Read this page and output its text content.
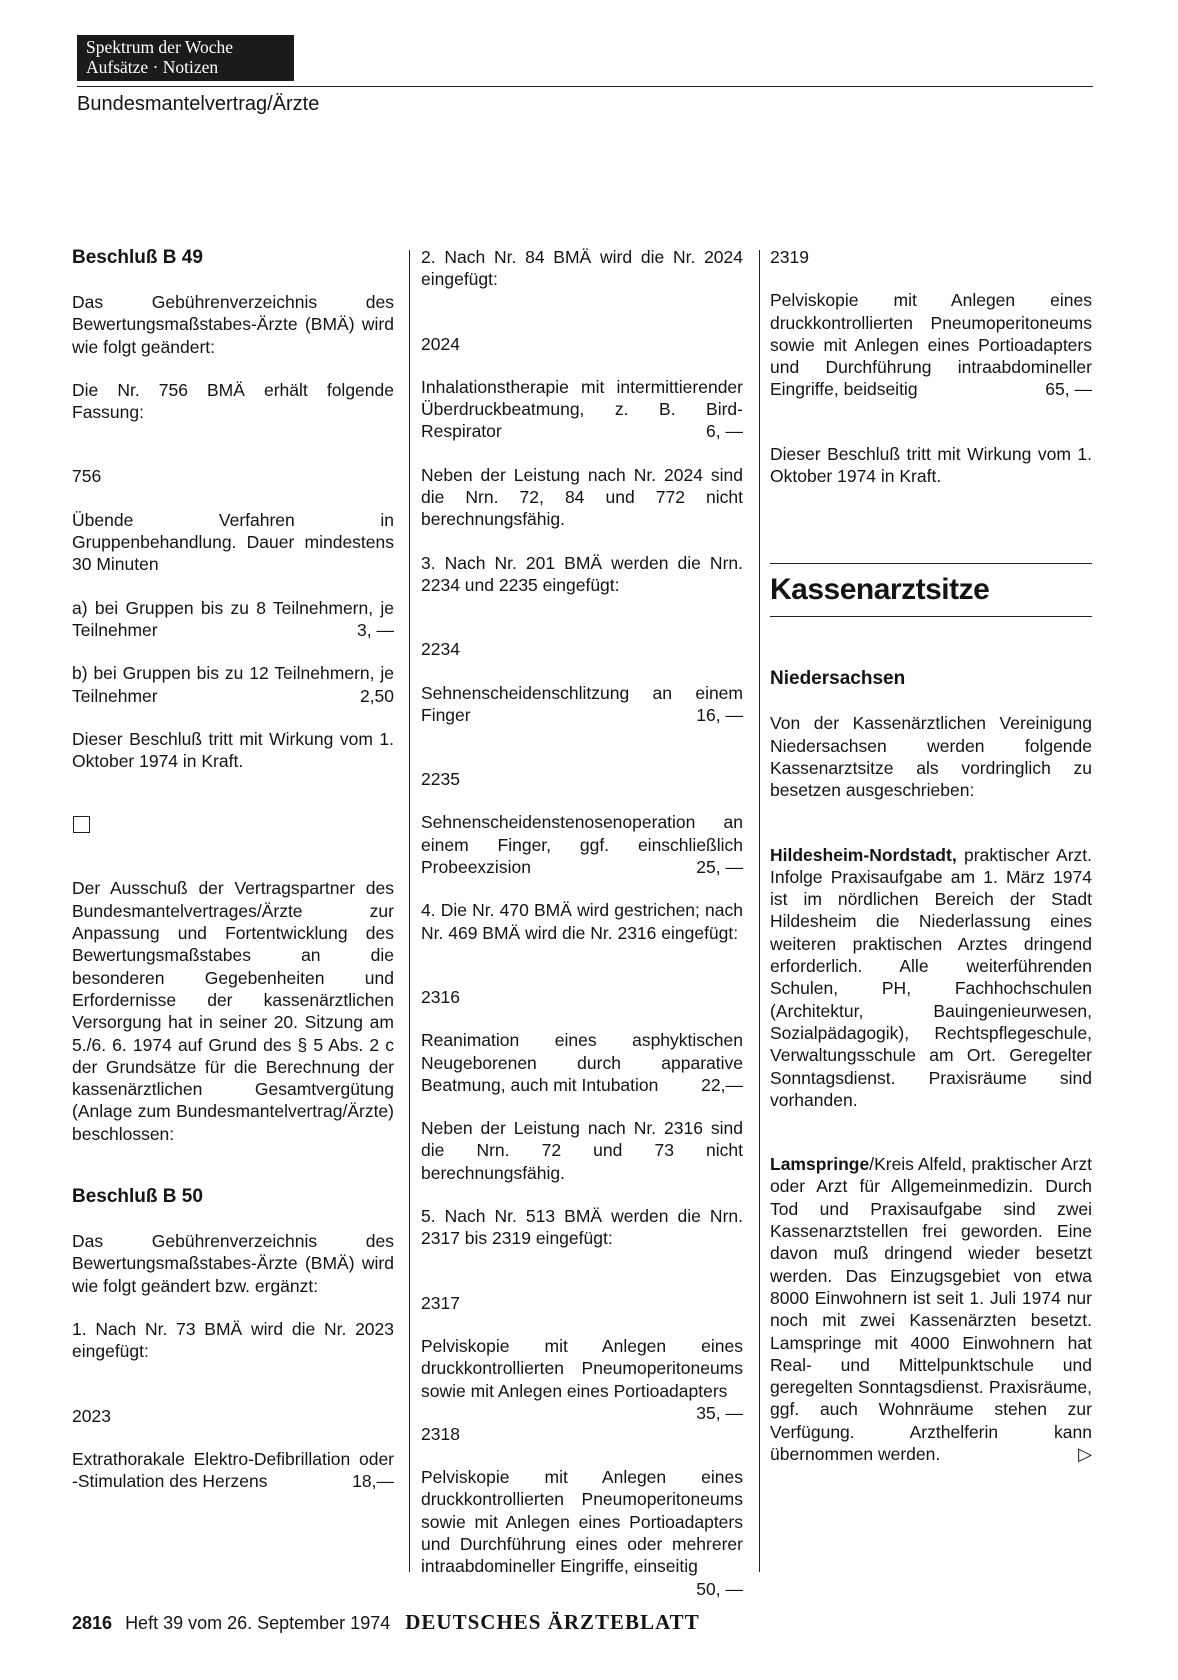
Spektrum der Woche
Aufsätze · Notizen
Bundesmantelvertrag/Ärzte

Beschluß B 49

Das Gebührenverzeichnis des Bewertungsmaßstabes-Ärzte (BMÄ) wird wie folgt geändert:

Die Nr. 756 BMÄ erhält folgende Fassung:

756

Übende Verfahren in Gruppenbehandlung. Dauer mindestens 30 Minuten

a) bei Gruppen bis zu 8 Teilnehmern, je Teilnehmer	3, —

b) bei Gruppen bis zu 12 Teilnehmern, je Teilnehmer	2,50

Dieser Beschluß tritt mit Wirkung vom 1. Oktober 1974 in Kraft.

Der Ausschuß der Vertragspartner des Bundesmantelvertrages/Ärzte zur Anpassung und Fortentwicklung des Bewertungsmaßstabes an die besonderen Gegebenheiten und Erfordernisse der kassenärztlichen Versorgung hat in seiner 20. Sitzung am 5./6. 6. 1974 auf Grund des § 5 Abs. 2 c der Grundsätze für die Berechnung der kassenärztlichen Gesamtvergütung (Anlage zum Bundesmantelvertrag/Ärzte) beschlossen:

Beschluß B 50

Das Gebührenverzeichnis des Bewertungsmaßstabes-Ärzte (BMÄ) wird wie folgt geändert bzw. ergänzt:

1. Nach Nr. 73 BMÄ wird die Nr. 2023 eingefügt:

2023

Extrathorakale Elektro-Defibrillation oder -Stimulation des Herzens	18,—

2. Nach Nr. 84 BMÄ wird die Nr. 2024 eingefügt:

2024

Inhalationstherapie mit intermittierender Überdruckbeatmung, z. B. Bird-Respirator	6, —

Neben der Leistung nach Nr. 2024 sind die Nrn. 72, 84 und 772 nicht berechnungsfähig.

3. Nach Nr. 201 BMÄ werden die Nrn. 2234 und 2235 eingefügt:

2234

Sehnenscheidenschlitzung an einem Finger	16, —

2235

Sehnenscheidenstenosenoperation an einem Finger, ggf. einschließlich Probeexzision	25, —

4. Die Nr. 470 BMÄ wird gestrichen; nach Nr. 469 BMÄ wird die Nr. 2316 eingefügt:

2316

Reanimation eines asphyktischen Neugeborenen durch apparative Beatmung, auch mit Intubation 22,—

Neben der Leistung nach Nr. 2316 sind die Nrn. 72 und 73 nicht berechnungsfähig.

5. Nach Nr. 513 BMÄ werden die Nrn. 2317 bis 2319 eingefügt:

2317

Pelviskopie mit Anlegen eines druckkontrollierten Pneumoperitoneums sowie mit Anlegen eines Portioadapters
35, —

2318

Pelviskopie mit Anlegen eines druckkontrollierten Pneumoperitoneums sowie mit Anlegen eines Portioadapters und Durchführung eines oder mehrerer intraabdomineller Eingriffe, einseitig
50, —

2319

Pelviskopie mit Anlegen eines druckkontrollierten Pneumoperitoneums sowie mit Anlegen eines Portioadapters und Durchführung intraabdomineller Eingriffe, beidseitig	65, —

Dieser Beschluß tritt mit Wirkung vom 1. Oktober 1974 in Kraft.

Kassenarztsitze

Niedersachsen

Von der Kassenärztlichen Vereinigung Niedersachsen werden folgende Kassenarztsitze als vordringlich zu besetzen ausgeschrieben:

Hildesheim-Nordstadt, praktischer Arzt. Infolge Praxisaufgabe am 1. März 1974 ist im nördlichen Bereich der Stadt Hildesheim die Niederlassung eines weiteren praktischen Arztes dringend erforderlich. Alle weiterführenden Schulen, PH, Fachhochschulen (Architektur, Bauingenieurwesen, Sozialpädagogik), Rechtspflegeschule, Verwaltungsschule am Ort. Geregelter Sonntagsdienst. Praxisräume sind vorhanden.

Lamspringe/Kreis Alfeld, praktischer Arzt oder Arzt für Allgemeinmedizin. Durch Tod und Praxisaufgabe sind zwei Kassenarztstellen frei geworden. Eine davon muß dringend wieder besetzt werden. Das Einzugsgebiet von etwa 8000 Einwohnern ist seit 1. Juli 1974 nur noch mit zwei Kassenärzten besetzt. Lamspringe mit 4000 Einwohnern hat Real- und Mittelpunktschule und geregelten Sonntagsdienst. Praxisräume, ggf. auch Wohnräume stehen zur Verfügung. Arzthelferin kann übernommen werden.	▷

2816 Heft 39 vom 26. September 1974 DEUTSCHES ÄRZTEBLATT
